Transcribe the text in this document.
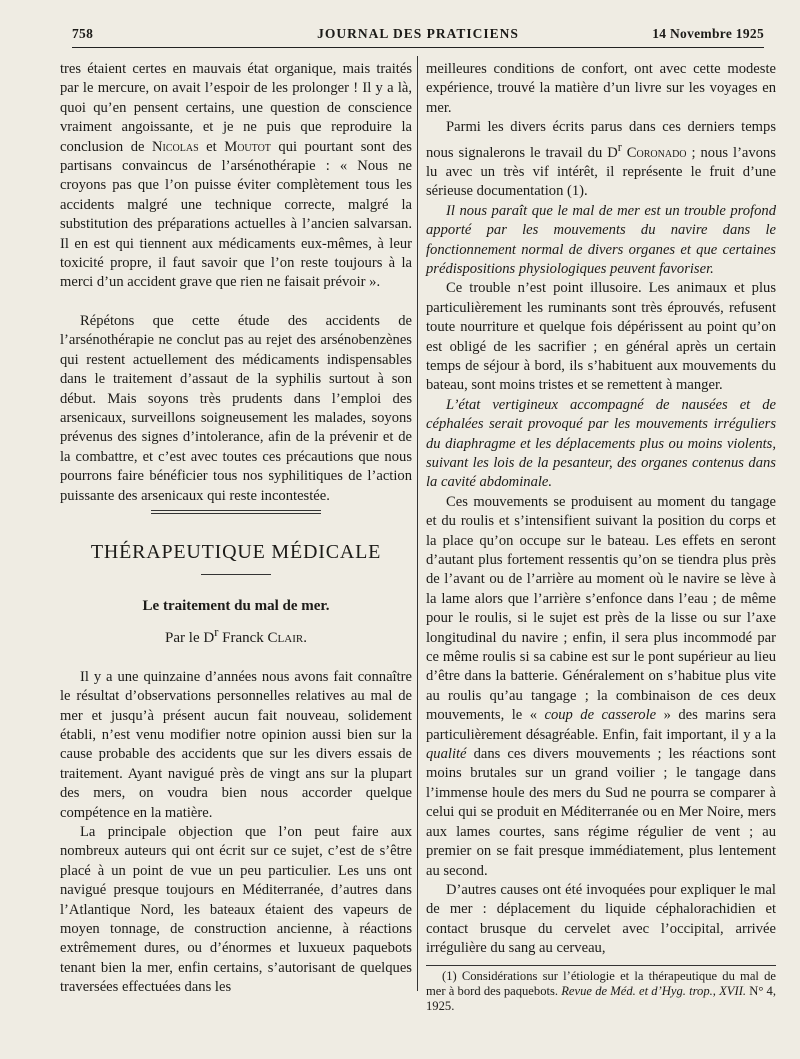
758	JOURNAL DES PRATICIENS	14 Novembre 1925

tres étaient certes en mauvais état organique, mais traités par le mercure, on avait l’espoir de les prolonger ! Il y a là, quoi qu’en pensent certains, une question de conscience vraiment angoissante, et je ne puis que reproduire la conclusion de Nicolas et Moutot qui pourtant sont des partisans convaincus de l’arsénothérapie : « Nous ne croyons pas que l’on puisse éviter complètement tous les accidents malgré une technique correcte, malgré la substitution des préparations actuelles à l’ancien salvarsan. Il en est qui tiennent aux médicaments eux-mêmes, à leur toxicité propre, il faut savoir que l’on reste toujours à la merci d’un accident grave que rien ne faisait prévoir ».

Répétons que cette étude des accidents de l’arsénothérapie ne conclut pas au rejet des arsénobenzènes qui restent actuellement des médicaments indispensables dans le traitement d’assaut de la syphilis surtout à son début. Mais soyons très prudents dans l’emploi des arsenicaux, surveillons soigneusement les malades, soyons prévenus des signes d’intolerance, afin de la prévenir et de la combattre, et c’est avec toutes ces précautions que nous pourrons faire bénéficier tous nos syphilitiques de l’action puissante des arsenicaux qui reste incontestée.

THÉRAPEUTIQUE MÉDICALE
Le traitement du mal de mer.
Par le $D^r$ Franck Clair.

Il y a une quinzaine d’années nous avons fait connaître le résultat d’observations personnelles relatives au mal de mer et jusqu’à présent aucun fait nouveau, solidement établi, n’est venu modifier notre opinion aussi bien sur la cause probable des accidents que sur les divers essais de traitement. Ayant navigué près de vingt ans sur la plupart des mers, on voudra bien nous accorder quelque compétence en la matière.

La principale objection que l’on peut faire aux nombreux auteurs qui ont écrit sur ce sujet, c’est de s’être placé à un point de vue un peu particulier. Les uns ont navigué presque toujours en Méditerranée, d’autres dans l’Atlantique Nord, les bateaux étaient des vapeurs de moyen tonnage, de construction ancienne, à réactions extrêmement dures, ou d’énormes et luxueux paquebots tenant bien la mer, enfin certains, s’autorisant de quelques traversées effectuées dans les

meilleures conditions de confort, ont avec cette modeste expérience, trouvé la matière d’un livre sur les voyages en mer.

Parmi les divers écrits parus dans ces derniers temps nous signalerons le travail du $D^r$ Coronado ; nous l’avons lu avec un très vif intérêt, il représente le fruit d’une sérieuse documentation (1).

Il nous paraît que le mal de mer est un trouble profond apporté par les mouvements du navire dans le fonctionnement normal de divers organes et que certaines prédispositions physiologiques peuvent favoriser.

Ce trouble n’est point illusoire. Les animaux et plus particulièrement les ruminants sont très éprouvés, refusent toute nourriture et quelque fois dépérissent au point qu’on est obligé de les sacrifier ; en général après un certain temps de séjour à bord, ils s’habituent aux mouvements du bateau, sont moins tristes et se remettent à manger.

L’état vertigineux accompagné de nausées et de céphalées serait provoqué par les mouvements irréguliers du diaphragme et les déplacements plus ou moins violents, suivant les lois de la pesanteur, des organes contenus dans la cavité abdominale.

Ces mouvements se produisent au moment du tangage et du roulis et s’intensifient suivant la position du corps et la place qu’on occupe sur le bateau. Les effets en seront d’autant plus fortement ressentis qu’on se tiendra plus près de l’avant ou de l’arrière au moment où le navire se lève à la lame alors que l’arrière s’enfonce dans l’eau ; de même pour le roulis, si le sujet est près de la lisse ou sur l’axe longitudinal du navire ; enfin, il sera plus incommodé par ce même roulis si sa cabine est sur le pont supérieur au lieu d’être dans la batterie. Généralement on s’habitue plus vite au roulis qu’au tangage ; la combinaison de ces deux mouvements, le « coup de casserole » des marins sera particulièrement désagréable. Enfin, fait important, il y a la qualité dans ces divers mouvements ; les réactions sont moins brutales sur un grand voilier ; le tangage dans l’immense houle des mers du Sud ne pourra se comparer à celui qui se produit en Méditerranée ou en Mer Noire, mers aux lames courtes, sans régime régulier de vent ; au premier on se fait presque immédiatement, plus lentement au second.

D’autres causes ont été invoquées pour expliquer le mal de mer : déplacement du liquide céphalorachidien et contact brusque du cervelet avec l’occipital, arrivée irrégulière du sang au cerveau,

(1) Considérations sur l’étiologie et la thérapeutique du mal de mer à bord des paquebots. Revue de Méd. et d’Hyg. trop., XVII. N° 4, 1925.
